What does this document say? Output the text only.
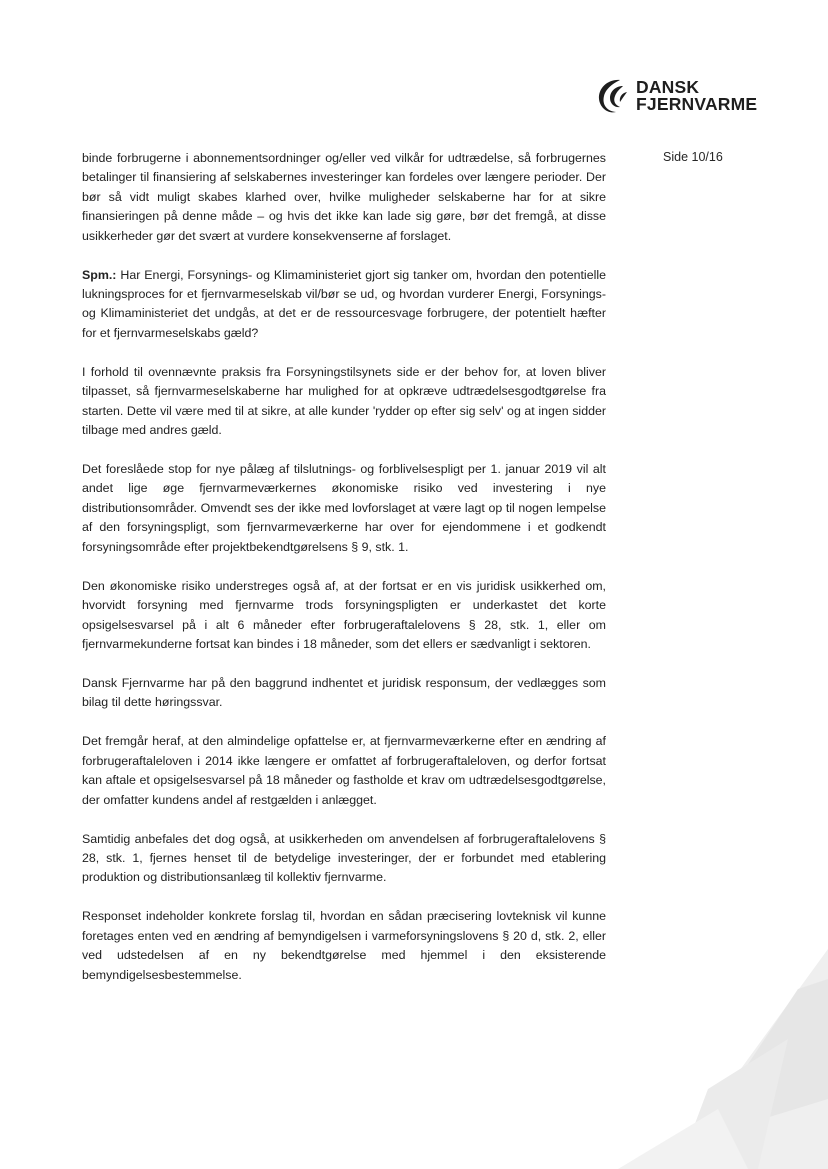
DANSK
FJERNVARME
Side 10/16

binde forbrugerne i abonnementsordninger og/eller ved vilkår for udtrædelse, så forbrugernes betalinger til finansiering af selskabernes investeringer kan fordeles over længere perioder. Der bør så vidt muligt skabes klarhed over, hvilke muligheder selskaberne har for at sikre finansieringen på denne måde – og hvis det ikke kan lade sig gøre, bør det fremgå, at disse usikkerheder gør det svært at vurdere konsekvenserne af forslaget.

Spm.: Har Energi, Forsynings- og Klimaministeriet gjort sig tanker om, hvordan den potentielle lukningsproces for et fjernvarmeselskab vil/bør se ud, og hvordan vurderer Energi, Forsynings- og Klimaministeriet det undgås, at det er de ressourcesvage forbrugere, der potentielt hæfter for et fjernvarmeselskabs gæld?

I forhold til ovennævnte praksis fra Forsyningstilsynets side er der behov for, at loven bliver tilpasset, så fjernvarmeselskaberne har mulighed for at opkræve udtrædelsesgodtgørelse fra starten. Dette vil være med til at sikre, at alle kunder 'rydder op efter sig selv' og at ingen sidder tilbage med andres gæld.

Det foreslåede stop for nye pålæg af tilslutnings- og forblivelsespligt per 1. januar 2019 vil alt andet lige øge fjernvarmeværkernes økonomiske risiko ved investering i nye distributionsområder. Omvendt ses der ikke med lovforslaget at være lagt op til nogen lempelse af den forsyningspligt, som fjernvarmeværkerne har over for ejendommene i et godkendt forsyningsområde efter projektbekendtgørelsens § 9, stk. 1.

Den økonomiske risiko understreges også af, at der fortsat er en vis juridisk usikkerhed om, hvorvidt forsyning med fjernvarme trods forsyningspligten er underkastet det korte opsigelsesvarsel på i alt 6 måneder efter forbrugeraftalelovens § 28, stk. 1, eller om fjernvarmekunderne fortsat kan bindes i 18 måneder, som det ellers er sædvanligt i sektoren.

Dansk Fjernvarme har på den baggrund indhentet et juridisk responsum, der vedlægges som bilag til dette høringssvar.

Det fremgår heraf, at den almindelige opfattelse er, at fjernvarmeværkerne efter en ændring af forbrugeraftaleloven i 2014 ikke længere er omfattet af forbrugeraftaleloven, og derfor fortsat kan aftale et opsigelsesvarsel på 18 måneder og fastholde et krav om udtrædelsesgodtgørelse, der omfatter kundens andel af restgælden i anlægget.

Samtidig anbefales det dog også, at usikkerheden om anvendelsen af forbrugeraftalelovens § 28, stk. 1, fjernes henset til de betydelige investeringer, der er forbundet med etablering produktion og distributionsanlæg til kollektiv fjernvarme.

Responset indeholder konkrete forslag til, hvordan en sådan præcisering lovteknisk vil kunne foretages enten ved en ændring af bemyndigelsen i varmeforsyningslovens § 20 d, stk. 2, eller ved udstedelsen af en ny bekendtgørelse med hjemmel i den eksisterende bemyndigelsesbestemmelse.
